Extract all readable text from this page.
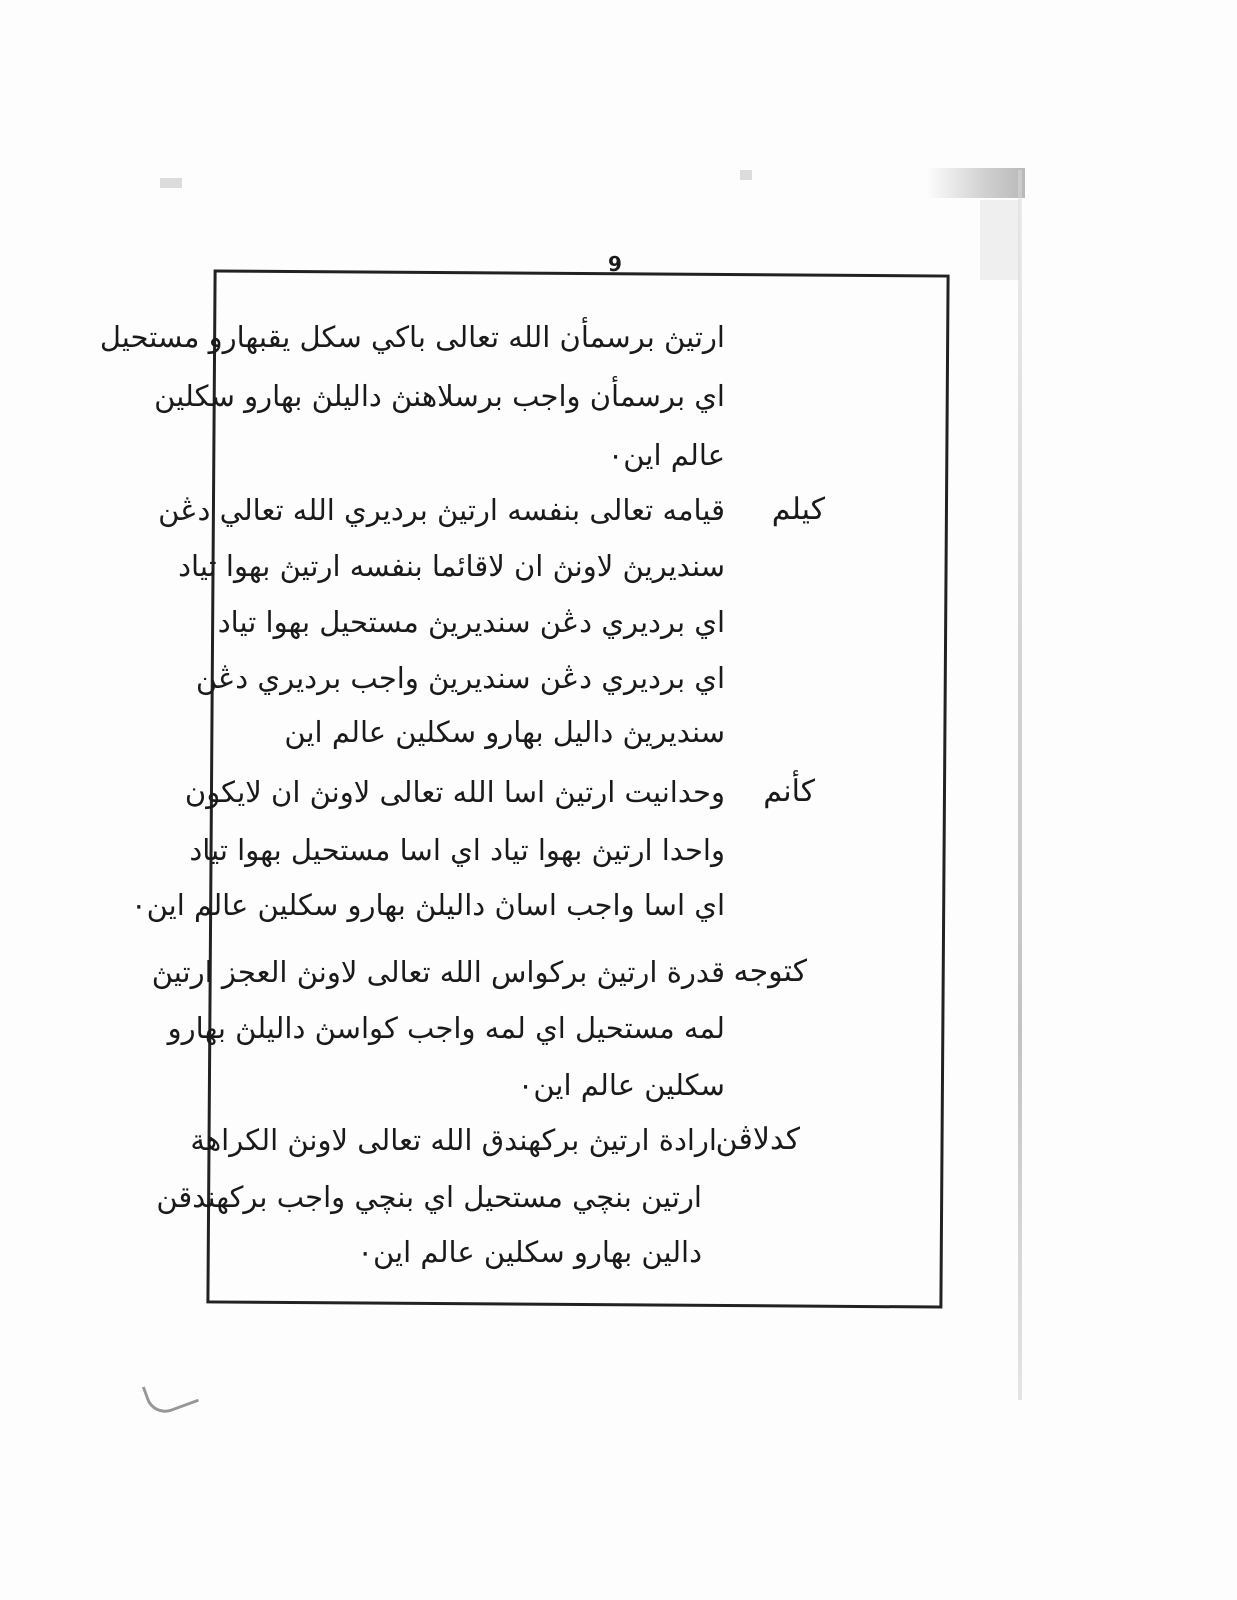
9
ارتيڽ برسمأن الله تعالى باكي سكل يقبهارو مستحيل
اي برسمأن واجب برسلاهنڽ داليلڽ بهارو سكلين
عالم اين٠
كيلم
قيامه تعالى بنفسه ارتيڽ برديري الله تعالي دڠن
سنديريڽ لاونڽ ان لاقائما بنفسه ارتيڽ بهوا تياد
اي برديري دڠن سنديريڽ مستحيل بهوا تياد
اي برديري دڠن سنديريڽ واجب برديري دڠن
سنديريڽ داليل بهارو سكلين عالم اين
كأنم
وحدانيت ارتيڽ اسا الله تعالى لاونڽ ان لايكون
واحدا ارتيڽ بهوا تياد اي اسا مستحيل بهوا تياد
اي اسا واجب اساڽ داليلڽ بهارو سكلين عالم اين٠
كتوجه
قدرة ارتيڽ بركواس الله تعالى لاونڽ العجز ارتيڽ
لمه مستحيل اي لمه واجب كواسڽ داليلڽ بهارو
سكلين عالم اين٠
كدلاڤن
ارادة ارتيڽ بركهندق الله تعالى لاونڽ الكراهة
ارتين بنچي مستحيل اي بنچي واجب بركهندقن
دالين بهارو سكلين عالم اين٠
